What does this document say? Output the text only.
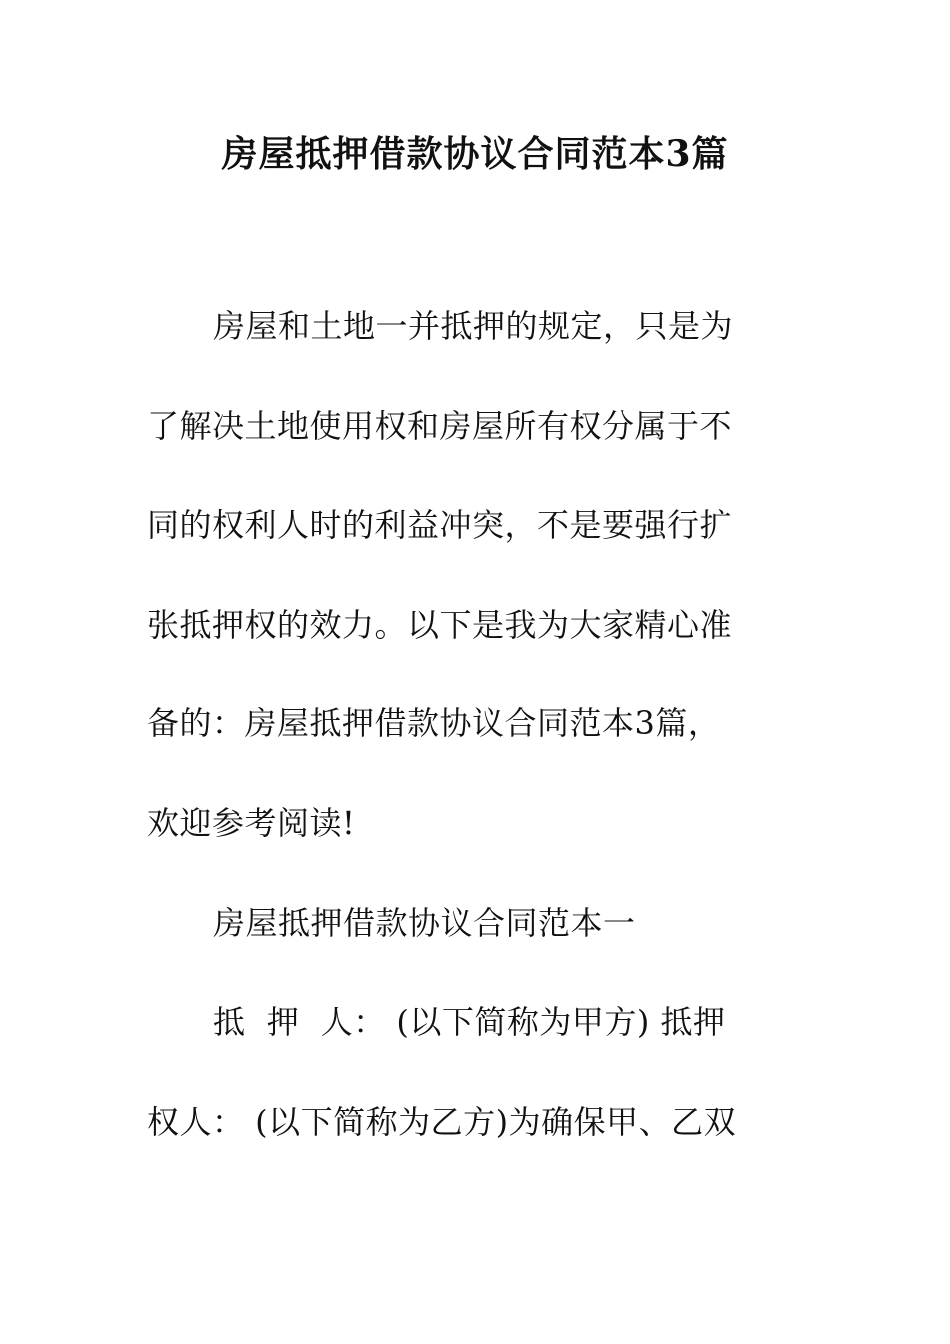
房屋抵押借款协议合同范本3篇
房屋和土地一并抵押的规定，只是为
了解决土地使用权和房屋所有权分属于不
同的权利人时的利益冲突，不是要强行扩
张抵押权的效力。以下是我为大家精心准
备的：房屋抵押借款协议合同范本3篇，
欢迎参考阅读!
房屋抵押借款协议合同范本一
抵  押  人： (以下简称为甲方) 抵押
权人： (以下简称为乙方)为确保甲、乙双
